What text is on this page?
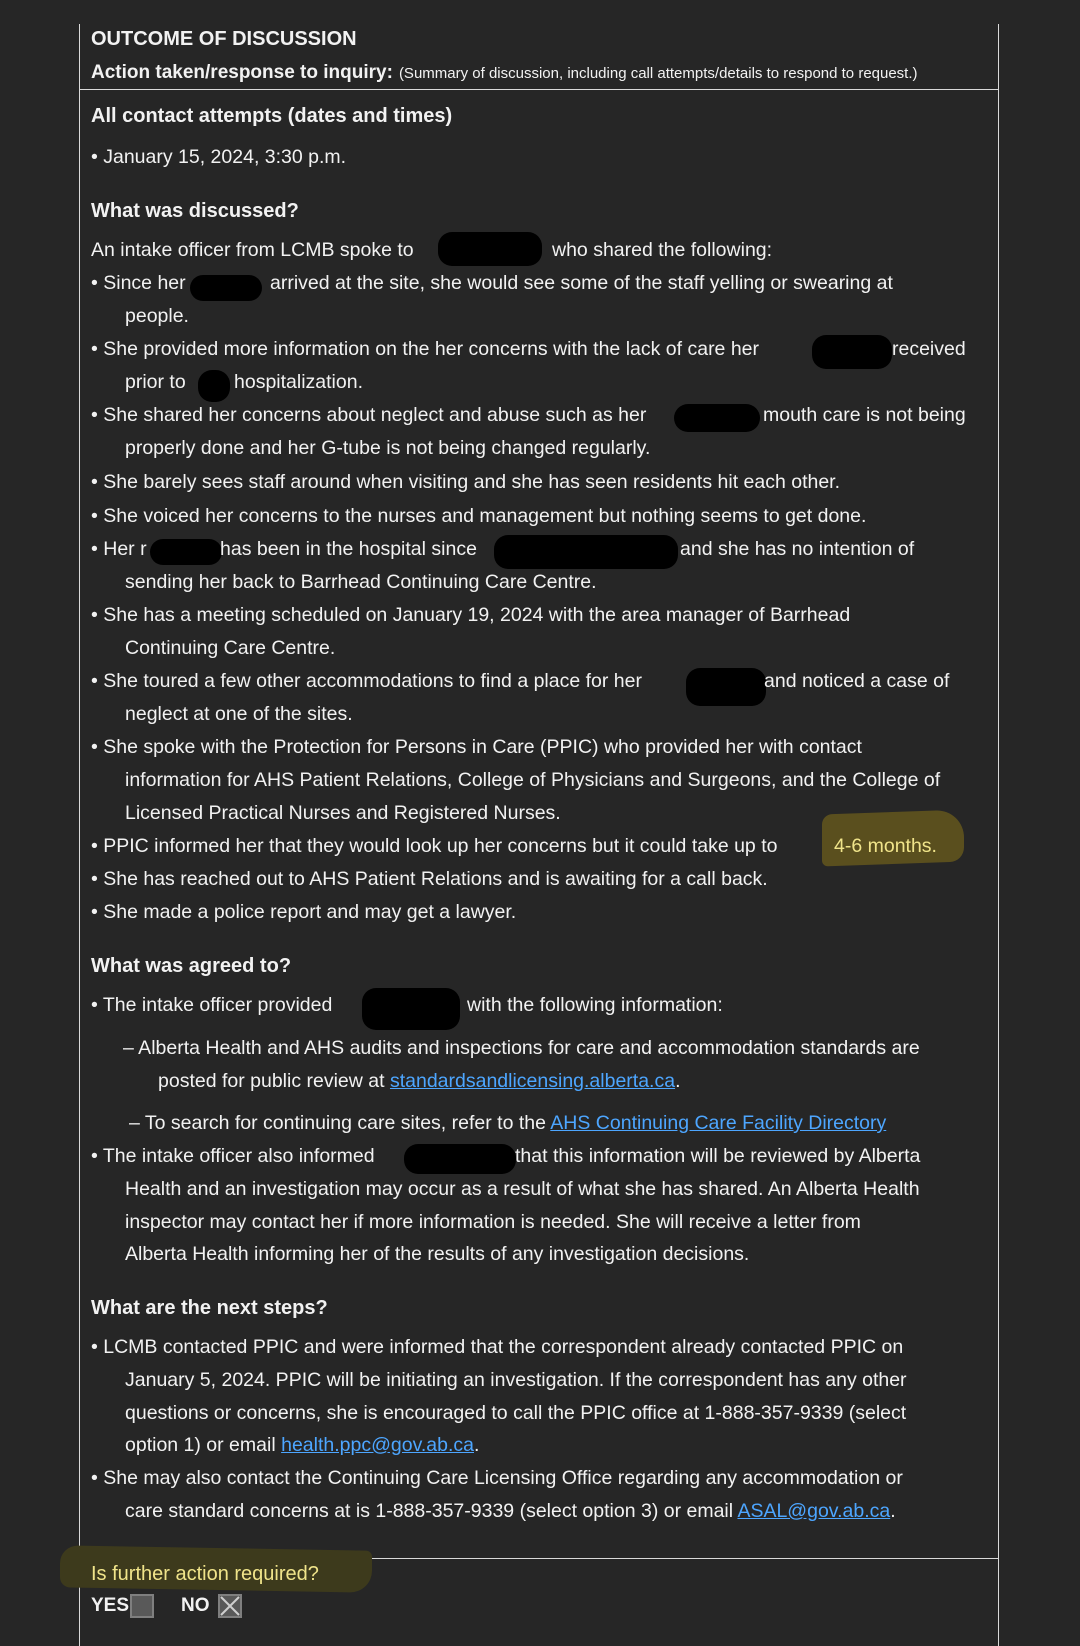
OUTCOME OF DISCUSSION
Action taken/response to inquiry: (Summary of discussion, including call attempts/details to respond to request.)
All contact attempts (dates and times)
• January 15, 2024, 3:30 p.m.
What was discussed?
An intake officer from LCMB spoke to	who shared the following:
• Since her	arrived at the site, she would see some of the staff yelling or swearing at
people.
• She provided more information on the her concerns with the lack of care her	received
prior to hospitalization.
• She shared her concerns about neglect and abuse such as her	mouth care is not being
properly done and her G-tube is not being changed regularly.
• She barely sees staff around when visiting and she has seen residents hit each other.
• She voiced her concerns to the nurses and management but nothing seems to get done.
• Her r	has been in the hospital since	and she has no intention of
sending her back to Barrhead Continuing Care Centre.
• She has a meeting scheduled on January 19, 2024 with the area manager of Barrhead
Continuing Care Centre.
• She toured a few other accommodations to find a place for her	and noticed a case of
neglect at one of the sites.
• She spoke with the Protection for Persons in Care (PPIC) who provided her with contact
information for AHS Patient Relations, College of Physicians and Surgeons, and the College of
Licensed Practical Nurses and Registered Nurses.
• PPIC informed her that they would look up her concerns but it could take up to	4-6 months.
• She has reached out to AHS Patient Relations and is awaiting for a call back.
• She made a police report and may get a lawyer.
What was agreed to?
• The intake officer provided	with the following information:
– Alberta Health and AHS audits and inspections for care and accommodation standards are
posted for public review at standardsandlicensing.alberta.ca.
– To search for continuing care sites, refer to the AHS Continuing Care Facility Directory
• The intake officer also informed	that this information will be reviewed by Alberta
Health and an investigation may occur as a result of what she has shared. An Alberta Health
inspector may contact her if more information is needed. She will receive a letter from
Alberta Health informing her of the results of any investigation decisions.
What are the next steps?
• LCMB contacted PPIC and were informed that the correspondent already contacted PPIC on
January 5, 2024. PPIC will be initiating an investigation. If the correspondent has any other
questions or concerns, she is encouraged to call the PPIC office at 1-888-357-9339 (select
option 1) or email health.ppc@gov.ab.ca.
• She may also contact the Continuing Care Licensing Office regarding any accommodation or
care standard concerns at is 1-888-357-9339 (select option 3) or email ASAL@gov.ab.ca.
Is further action required?
YES	NO
